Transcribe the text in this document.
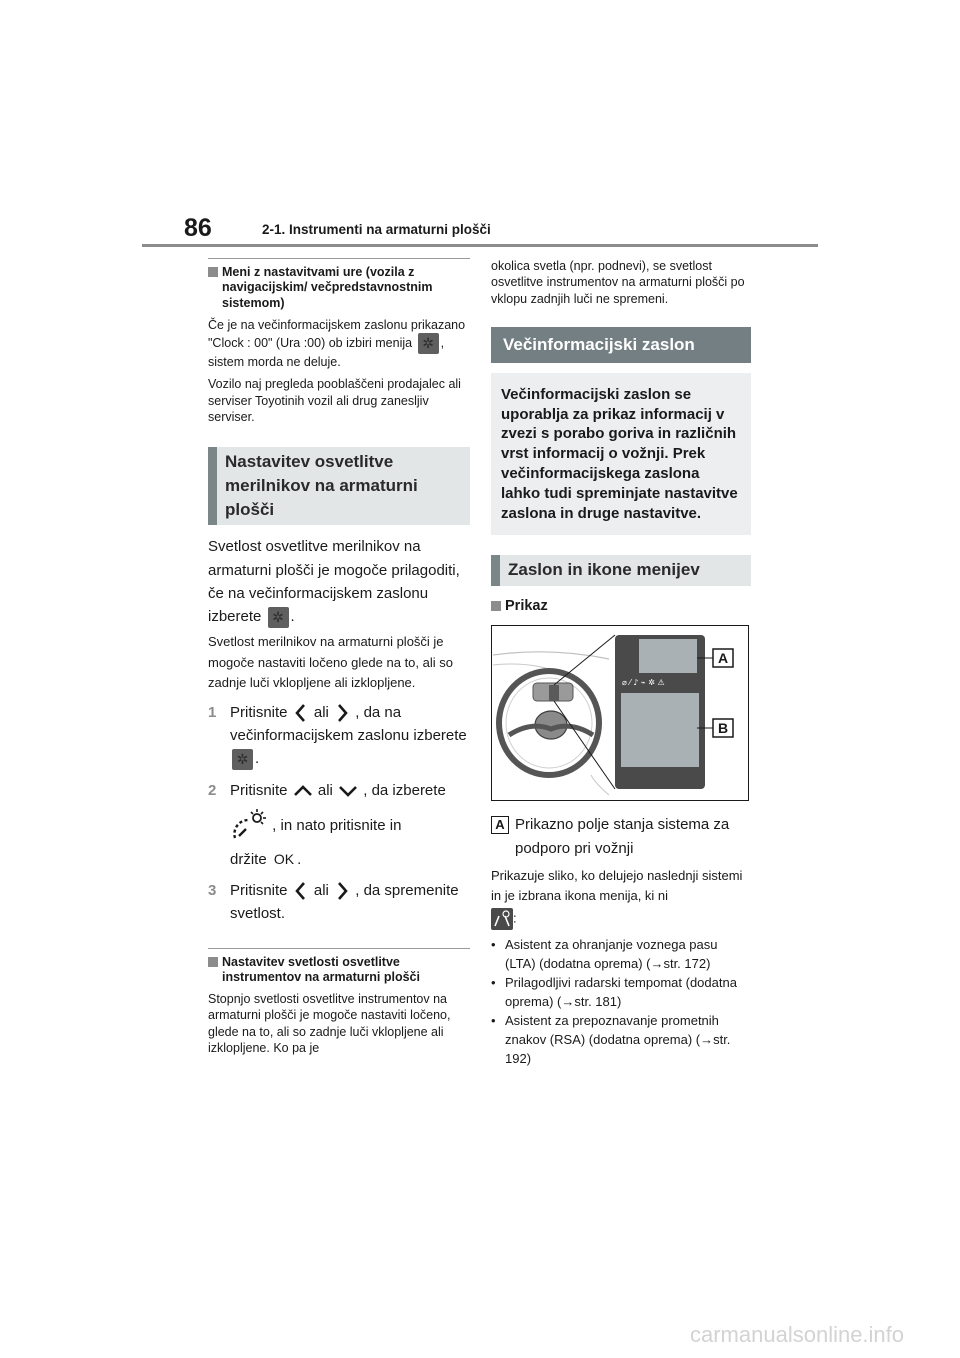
86	2-1. Instrumenti na armaturni plošči
Meni z nastavitvami ure (vozila z navigacijskim/ večpredstavnostnim sistemom)

Če je na večinformacijskem zaslonu prikazano "Clock : 00" (Ura :00) ob izbiri menija ✲ , sistem morda ne deluje.

Vozilo naj pregleda pooblaščeni prodajalec ali serviser Toyotinih vozil ali drug zanesljiv serviser.

Nastavitev osvetlitve merilnikov na armaturni plošči

Svetlost osvetlitve merilnikov na armaturni plošči je mogoče prilagoditi, če na večinformacijskem zaslonu izberete ✲ .

Svetlost merilnikov na armaturni plošči je mogoče nastaviti ločeno glede na to, ali so zadnje luči vklopljene ali izklopljene.

1 Pritisnite ali , da na večinformacijskem zaslonu izberete ✲.
2 Pritisnite ali , da izberete
, in nato pritisnite in
držite OK .
3 Pritisnite ali , da spremenite svetlost.
Nastavitev svetlosti osvetlitve instrumentov na armaturni plošči

Stopnjo svetlosti osvetlitve instrumentov na armaturni plošči je mogoče nastaviti ločeno, glede na to, ali so zadnje luči vklopljene ali izklopljene. Ko pa je

okolica svetla (npr. podnevi), se svetlost osvetlitve instrumentov na armaturni plošči po vklopu zadnjih luči ne spremeni.

Večinformacijski zaslon
Večinformacijski zaslon se uporablja za prikaz informacij v zvezi s porabo goriva in različnih vrst informacij o vožnji. Prek večinformacijskega zaslona lahko tudi spreminjate nastavitve zaslona in druge nastavitve.
Zaslon in ikone menijev
Prikaz
⌀ ⁄ ♪ ⌁ ✲ ⚠
A
B
A Prikazno polje stanja sistema za podporo pri vožnji

Prikazuje sliko, ko delujejo naslednji sistemi in je izbrana ikona menija, ki ni

:

• Asistent za ohranjanje voznega pasu (LTA) (dodatna oprema) (→str. 172)
• Prilagodljivi radarski tempomat (dodatna oprema) (→str. 181)
• Asistent za prepoznavanje prometnih znakov (RSA) (dodatna oprema) (→str. 192)
carmanualsonline.info
